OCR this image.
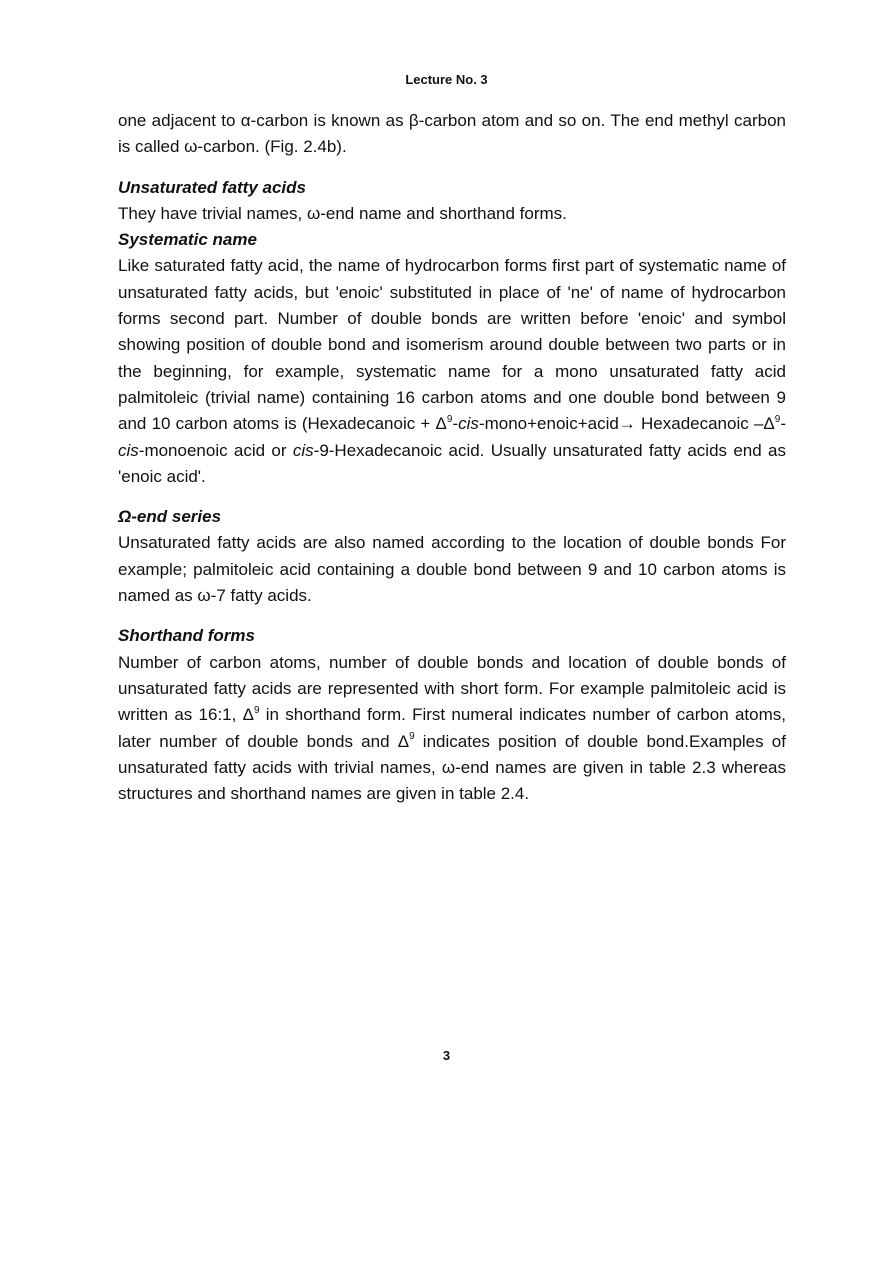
Lecture No. 3

one adjacent to α-carbon is known as β-carbon atom and so on. The end methyl carbon is called ω-carbon. (Fig. 2.4b).

Unsaturated fatty acids

They have trivial names, ω-end name and shorthand forms.

Systematic name

Like saturated fatty acid, the name of hydrocarbon forms first part of systematic name of unsaturated fatty acids, but 'enoic' substituted in place of 'ne' of name of hydrocarbon forms second part. Number of double bonds are written before 'enoic' and symbol showing position of double bond and isomerism around double between two parts or in the beginning, for example, systematic name for a mono unsaturated fatty acid palmitoleic (trivial name) containing 16 carbon atoms and one double bond between 9 and 10 carbon atoms is (Hexadecanoic + $\Delta^9-cis-mono+enoic+acid\to$ Hexadecanoic $-\Delta^9-cis$-monoenoic acid or cis-9-Hexadecanoic acid. Usually unsaturated fatty acids end as 'enoic acid'.

Ω-end series

Unsaturated fatty acids are also named according to the location of double bonds For example; palmitoleic acid containing a double bond between 9 and 10 carbon atoms is named as ω-7 fatty acids.

Shorthand forms

Number of carbon atoms, number of double bonds and location of double bonds of unsaturated fatty acids are represented with short form. For example palmitoleic acid is written as 16:1, $\Delta^9$ in shorthand form. First numeral indicates number of carbon atoms, later number of double bonds and $\Delta^9$ indicates position of double bond.Examples of unsaturated fatty acids with trivial names, ω-end names are given in table 2.3 whereas structures and shorthand names are given in table 2.4.

3
